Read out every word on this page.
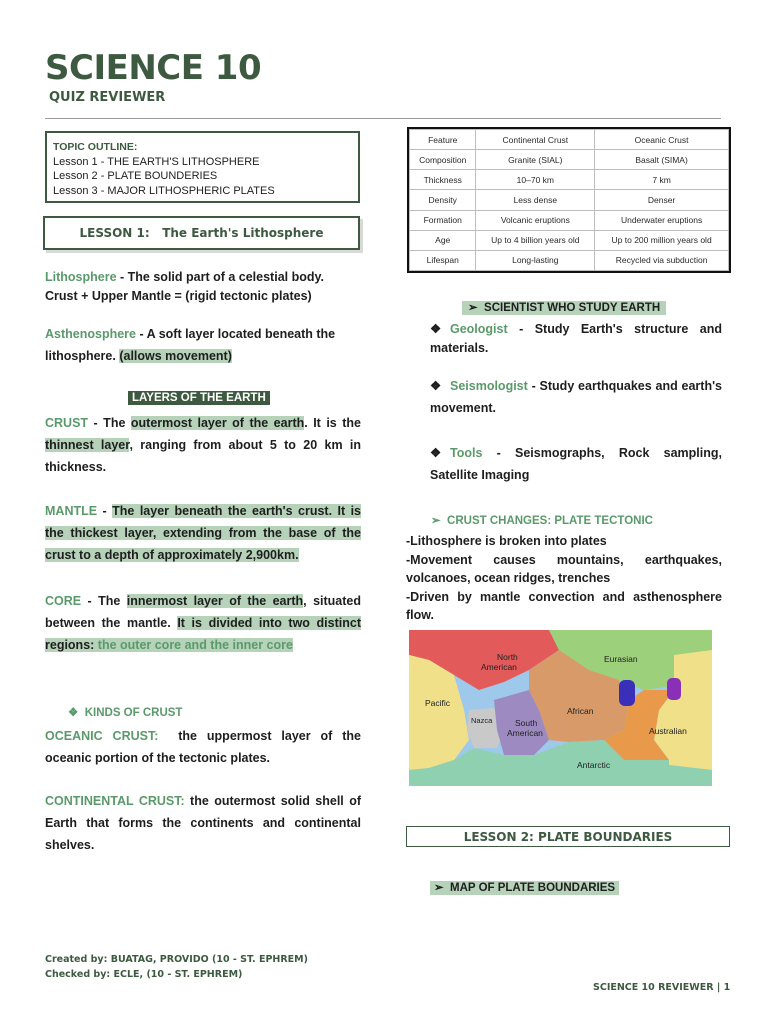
SCIENCE 10
QUIZ REVIEWER
TOPIC OUTLINE:
Lesson 1 - THE EARTH'S LITHOSPHERE
Lesson 2 - PLATE BOUNDERIES
Lesson 3 - MAJOR LITHOSPHERIC PLATES
LESSON 1:   The Earth's Lithosphere
Lithosphere - The solid part of a celestial body.
Crust + Upper Mantle = (rigid tectonic plates)
Asthenosphere - A soft layer located beneath the lithosphere. (allows movement)
LAYERS OF THE EARTH
CRUST - The outermost layer of the earth. It is the thinnest layer, ranging from about 5 to 20 km in thickness.
MANTLE - The layer beneath the earth's crust. It is the thickest layer, extending from the base of the crust to a depth of approximately 2,900km.
CORE - The innermost layer of the earth, situated between the mantle. It is divided into two distinct regions: the outer core and the inner core
❖ KINDS OF CRUST
OCEANIC CRUST:  the uppermost layer of the oceanic portion of the tectonic plates.
CONTINENTAL CRUST: the outermost solid shell of Earth that forms the continents and continental shelves.
Feature	Continental Crust	Oceanic Crust
Composition	Granite (SIAL)	Basalt (SIMA)
Thickness	10–70 km	7 km
Density	Less dense	Denser
Formation	Volcanic eruptions	Underwater eruptions
Age	Up to 4 billion years old	Up to 200 million years old
Lifespan	Long-lasting	Recycled via subduction
➢ SCIENTIST WHO STUDY EARTH
❖ Geologist - Study Earth's structure and materials.
❖ Seismologist - Study earthquakes and earth's movement.
❖ Tools - Seismographs, Rock sampling, Satellite Imaging
➢ CRUST CHANGES: PLATE TECTONIC
-Lithosphere is broken into plates
-Movement causes mountains, earthquakes, volcanoes, ocean ridges, trenches
-Driven by mantle convection and asthenosphere flow.
North American
Eurasian
Pacific
African
Nazca	South American	Australian
Antarctic
LESSON 2: PLATE BOUNDARIES
➢ MAP OF PLATE BOUNDARIES
Created by: BUATAG, PROVIDO (10 - ST. EPHREM)
Checked by: ECLE, (10 - ST. EPHREM)
SCIENCE 10 REVIEWER | 1
